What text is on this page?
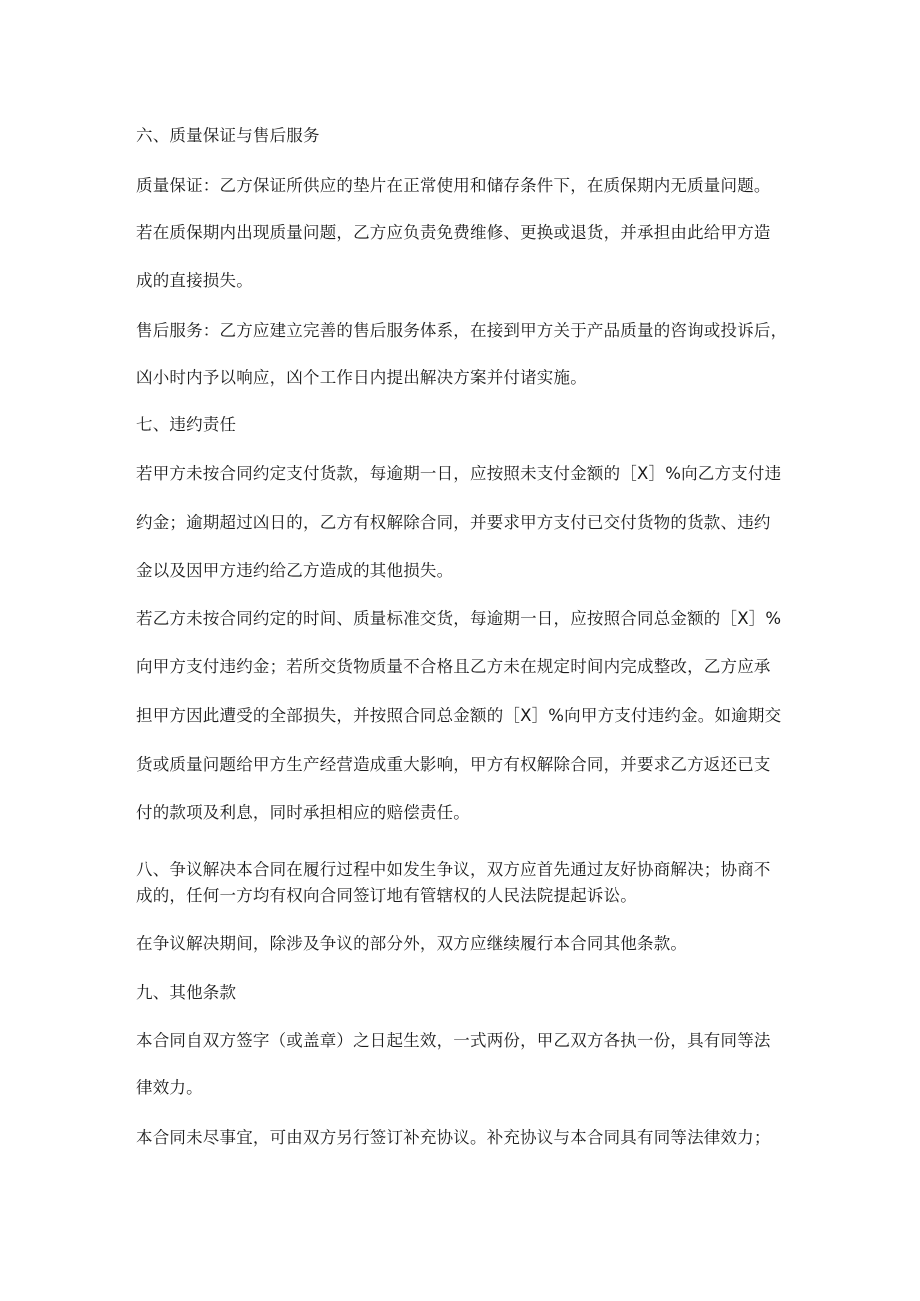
六、质量保证与售后服务
质量保证：乙方保证所供应的垫片在正常使用和储存条件下，在质保期内无质量问题。
若在质保期内出现质量问题，乙方应负责免费维修、更换或退货，并承担由此给甲方造
成的直接损失。
售后服务：乙方应建立完善的售后服务体系，在接到甲方关于产品质量的咨询或投诉后，
凶小时内予以响应，凶个工作日内提出解决方案并付诸实施。
七、违约责任
若甲方未按合同约定支付货款，每逾期一日，应按照未支付金额的［X］%向乙方支付违
约金；逾期超过凶日的，乙方有权解除合同，并要求甲方支付已交付货物的货款、违约
金以及因甲方违约给乙方造成的其他损失。
若乙方未按合同约定的时间、质量标准交货，每逾期一日，应按照合同总金额的［X］%
向甲方支付违约金；若所交货物质量不合格且乙方未在规定时间内完成整改，乙方应承
担甲方因此遭受的全部损失，并按照合同总金额的［X］%向甲方支付违约金。如逾期交
货或质量问题给甲方生产经营造成重大影响，甲方有权解除合同，并要求乙方返还已支
付的款项及利息，同时承担相应的赔偿责任。
八、争议解决本合同在履行过程中如发生争议，双方应首先通过友好协商解决；协商不
成的，任何一方均有权向合同签订地有管辖权的人民法院提起诉讼。
在争议解决期间，除涉及争议的部分外，双方应继续履行本合同其他条款。
九、其他条款
本合同自双方签字（或盖章）之日起生效，一式两份，甲乙双方各执一份，具有同等法
律效力。
本合同未尽事宜，可由双方另行签订补充协议。补充协议与本合同具有同等法律效力；
